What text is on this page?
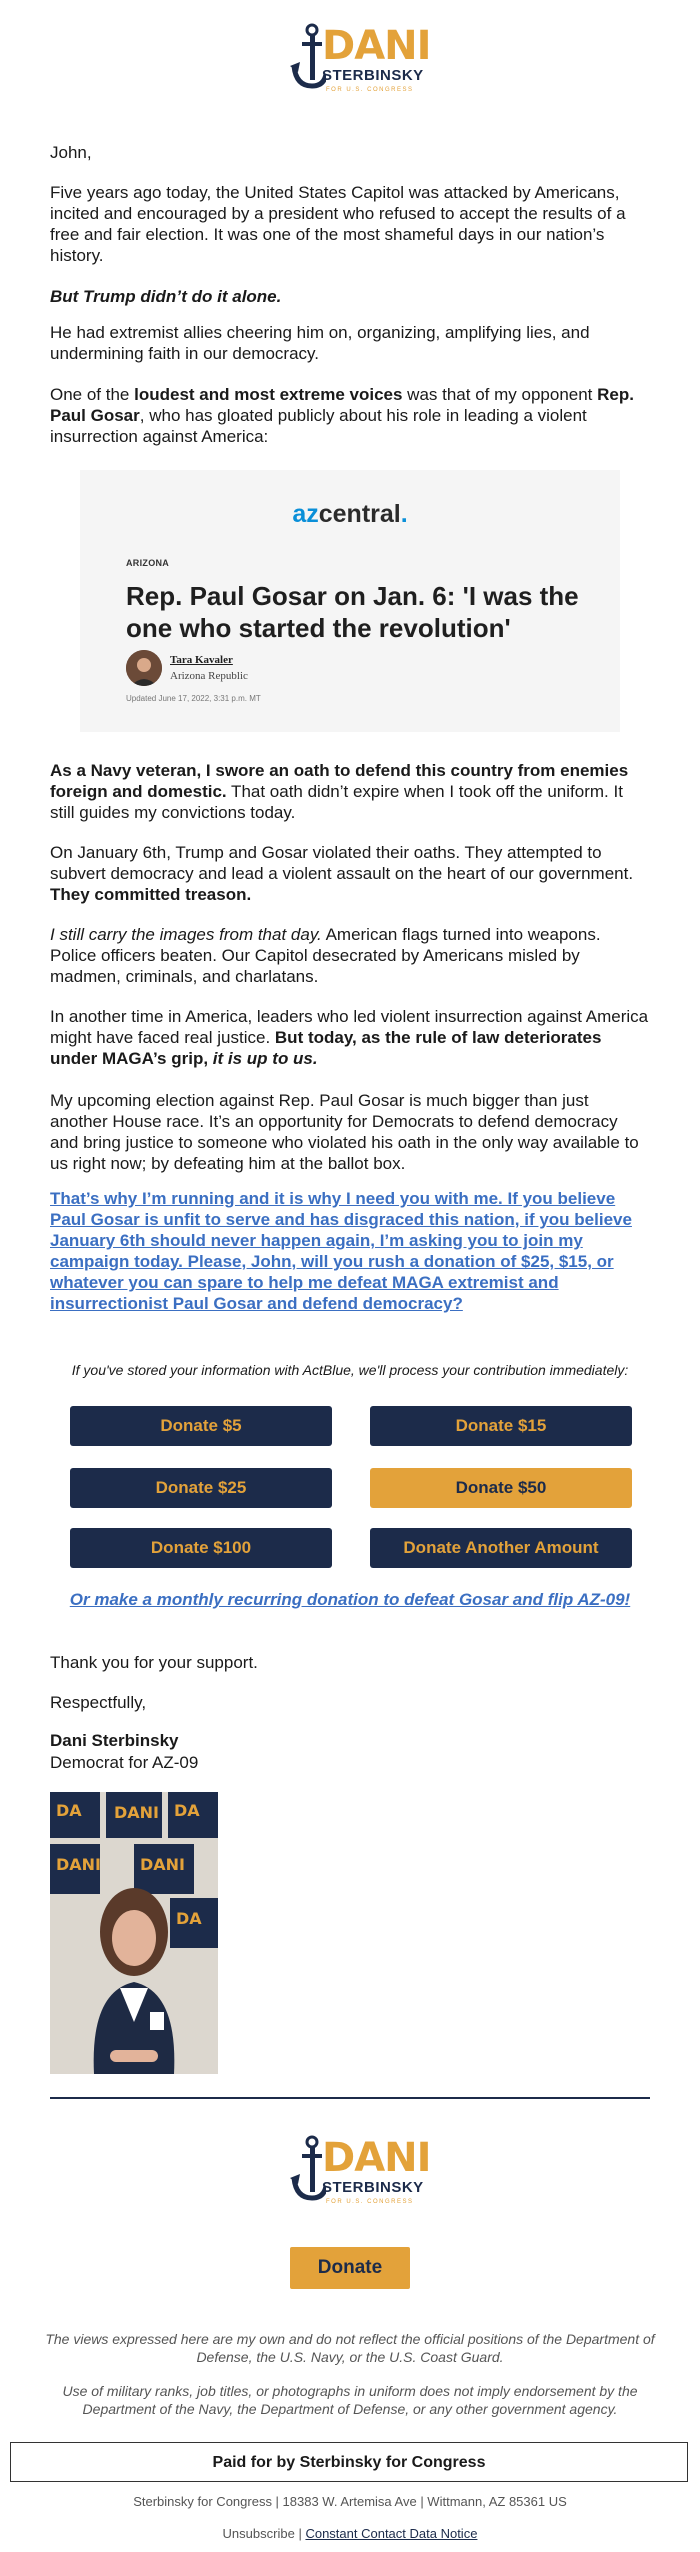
DANI
STERBINSKY
FOR U.S. CONGRESS

John,

Five years ago today, the United States Capitol was attacked by Americans, incited and encouraged by a president who refused to accept the results of a free and fair election. It was one of the most shameful days in our nation’s history.

But Trump didn’t do it alone.

He had extremist allies cheering him on, organizing, amplifying lies, and undermining faith in our democracy.

One of the loudest and most extreme voices was that of my opponent Rep. Paul Gosar, who has gloated publicly about his role in leading a violent insurrection against America:

azcentral.
ARIZONA
Rep. Paul Gosar on Jan. 6: 'I was the one who started the revolution'
Tara Kavaler
Arizona Republic
Updated June 17, 2022, 3:31 p.m. MT

As a Navy veteran, I swore an oath to defend this country from enemies foreign and domestic. That oath didn’t expire when I took off the uniform. It still guides my convictions today.

On January 6th, Trump and Gosar violated their oaths. They attempted to subvert democracy and lead a violent assault on the heart of our government. They committed treason.

I still carry the images from that day. American flags turned into weapons. Police officers beaten. Our Capitol desecrated by Americans misled by madmen, criminals, and charlatans.

In another time in America, leaders who led violent insurrection against America might have faced real justice. But today, as the rule of law deteriorates under MAGA’s grip, it is up to us.

My upcoming election against Rep. Paul Gosar is much bigger than just another House race. It’s an opportunity for Democrats to defend democracy and bring justice to someone who violated his oath in the only way available to us right now; by defeating him at the ballot box.

That’s why I’m running and it is why I need you with me. If you believe Paul Gosar is unfit to serve and has disgraced this nation, if you believe January 6th should never happen again, I’m asking you to join my campaign today. Please, John, will you rush a donation of $25, $15, or whatever you can spare to help me defeat MAGA extremist and insurrectionist Paul Gosar and defend democracy?

If you've stored your information with ActBlue, we'll process your contribution immediately:
Donate $5	Donate $15
Donate $25	Donate $50
Donate $100	Donate Another Amount
Or make a monthly recurring donation to defeat Gosar and flip AZ-09!

Thank you for your support.

Respectfully,

Dani Sterbinsky

Democrat for AZ-09

DA DANI DA
DANI DANI
DA
DANI
STERBINSKY
FOR U.S. CONGRESS
Donate

The views expressed here are my own and do not reflect the official positions of the Department of Defense, the U.S. Navy, or the U.S. Coast Guard.

Use of military ranks, job titles, or photographs in uniform does not imply endorsement by the Department of the Navy, the Department of Defense, or any other government agency.

Paid for by Sterbinsky for Congress
Sterbinsky for Congress | 18383 W. Artemisa Ave | Wittmann, AZ 85361 US
Unsubscribe | Constant Contact Data Notice
